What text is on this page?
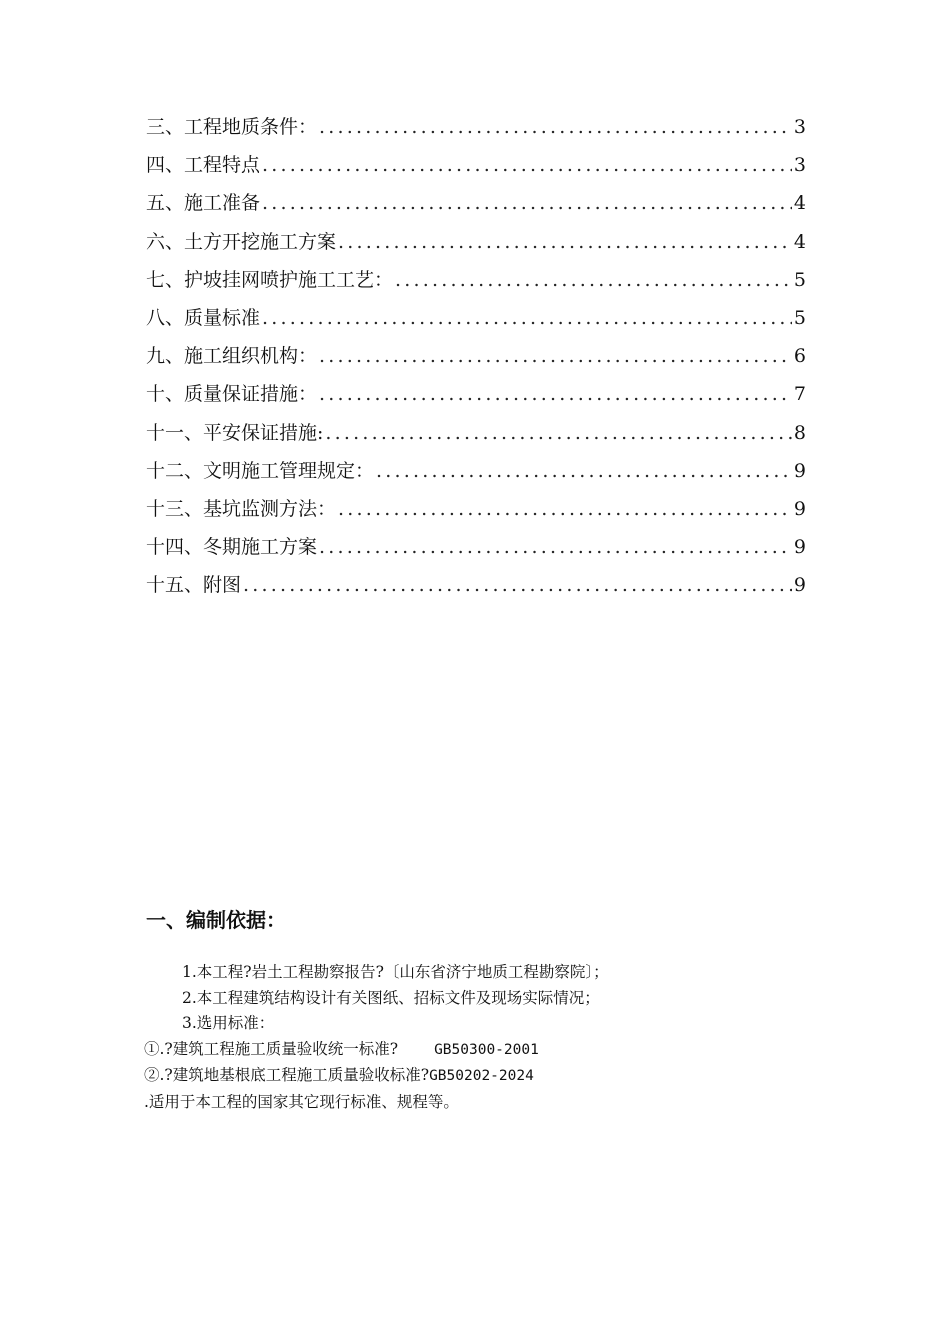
三、工程地质条件： .....	3
四、工程特点 .....	3
五、施工准备 .....	4
六、土方开挖施工方案 .....	4
七、护坡挂网喷护施工工艺： .....	5
八、质量标准 .....	5
九、施工组织机构： .....	6
十、质量保证措施： .....	7
十一、平安保证措施: .....	8
十二、文明施工管理规定： .....	9
十三、基坑监测方法： .....	9
十四、冬期施工方案 .....	9
十五、附图 .....	9
一、编制依据：

1.本工程?岩土工程勘察报告?〔山东省济宁地质工程勘察院〕；

2.本工程建筑结构设计有关图纸、招标文件及现场实际情况；

3.选用标准：

①.?建筑工程施工质量验收统一标准? GB50300-2001

②.?建筑地基根底工程施工质量验收标准?GB50202-2024

.适用于本工程的国家其它现行标准、规程等。
